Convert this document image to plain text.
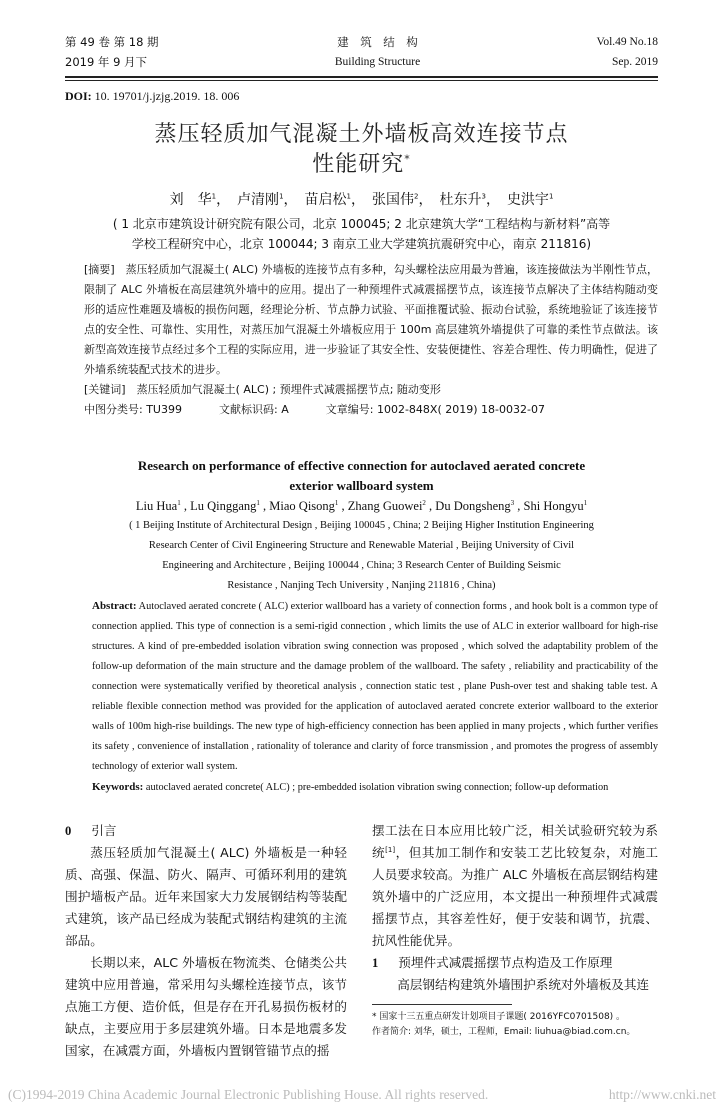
第 49 卷 第 18 期
2019 年 9 月下
建　筑　结　构
Building Structure
Vol.49 No.18
Sep. 2019
DOI: 10. 19701/j.jzjg.2019. 18. 006
蒸压轻质加气混凝土外墙板高效连接节点
性能研究*
刘　华$^1$，　卢清刚$^1$，　苗启松$^1$，　张国伟$^2$，　杜东升$^3$，　史洪宇$^1$
( 1 北京市建筑设计研究院有限公司，北京 100045; 2 北京建筑大学“工程结构与新材料”高等
学校工程研究中心，北京 100044; 3 南京工业大学建筑抗震研究中心，南京 211816)
[摘要]　 蒸压轻质加气混凝土( ALC) 外墙板的连接节点有多种，勾头螺栓法应用最为普遍，该连接做法为半刚性节点，限制了 ALC 外墙板在高层建筑外墙中的应用。提出了一种预埋件式减震摇摆节点，该连接节点解决了主体结构随动变形的适应性难题及墙板的损伤问题，经理论分析、节点静力试验、平面推覆试验、振动台试验，系统地验证了该连接节点的安全性、可靠性、实用性，对蒸压加气混凝土外墙板应用于 100m 高层建筑外墙提供了可靠的柔性节点做法。该新型高效连接节点经过多个工程的实际应用，进一步验证了其安全性、安装便捷性、容差合理性、传力明确性，促进了外墙系统装配式技术的进步。
[关键词]　 蒸压轻质加气混凝土( ALC) ; 预埋件式减震摇摆节点; 随动变形
中图分类号: TU399	文献标识码: A	文章编号: 1002-848X( 2019) 18-0032-07
Research on performance of effective connection for autoclaved aerated concrete
exterior wallboard system
Liu Hua$^1$ , Lu Qinggang$^1$ , Miao Qisong$^1$ , Zhang Guowei$^2$ , Du Dongsheng$^3$ , Shi Hongyu$^1$
( 1 Beijing Institute of Architectural Design , Beijing 100045 , China; 2 Beijing Higher Institution Engineering
Research Center of Civil Engineering Structure and Renewable Material , Beijing University of Civil
Engineering and Architecture , Beijing 100044 , China; 3 Research Center of Building Seismic
Resistance , Nanjing Tech University , Nanjing 211816 , China)
Abstract: Autoclaved aerated concrete ( ALC) exterior wallboard has a variety of connection forms , and hook bolt is a common type of connection applied. This type of connection is a semi-rigid connection , which limits the use of ALC in exterior wallboard for high-rise structures. A kind of pre-embedded isolation vibration swing connection was proposed , which solved the adaptability problem of the follow-up deformation of the main structure and the damage problem of the wallboard. The safety , reliability and practicability of the connection were systematically verified by theoretical analysis , connection static test , plane Push-over test and shaking table test. A reliable flexible connection method was provided for the application of autoclaved aerated concrete exterior wallboard to the exterior walls of 100m high-rise buildings. The new type of high-efficiency connection has been applied in many projects , which further verifies its safety , convenience of installation , rationality of tolerance and clarity of force transmission , and promotes the progress of assembly technology of exterior wall system.
Keywords: autoclaved aerated concrete( ALC) ; pre-embedded isolation vibration swing connection; follow-up deformation
0 引言
蒸压轻质加气混凝土( ALC) 外墙板是一种轻质、高强、保温、防火、隔声、可循环利用的建筑围护墙板产品。近年来国家大力发展钢结构等装配式建筑，该产品已经成为装配式钢结构建筑的主流部品。
长期以来，ALC 外墙板在物流类、仓储类公共建筑中应用普遍，常采用勾头螺栓连接节点，该节点施工方便、造价低，但是存在开孔易损伤板材的缺点，主要应用于多层建筑外墙。日本是地震多发国家，在减震方面，外墙板内置钢管锚节点的摇
摆工法在日本应用比较广泛，相关试验研究较为系统[1]，但其加工制作和安装工艺比较复杂，对施工人员要求较高。为推广 ALC 外墙板在高层钢结构建筑外墙中的广泛应用，本文提出一种预埋件式减震摇摆节点，其容差性好，便于安装和调节，抗震、抗风性能优异。
1 预埋件式减震摇摆节点构造及工作原理
高层钢结构建筑外墙围护系统对外墙板及其连
* 国家十三五重点研发计划项目子课题( 2016YFC0701508) 。
作者简介: 刘华，硕士，工程师，Email: liuhua@biad.com.cn。
(C)1994-2019 China Academic Journal Electronic Publishing House. All rights reserved.	http://www.cnki.net
